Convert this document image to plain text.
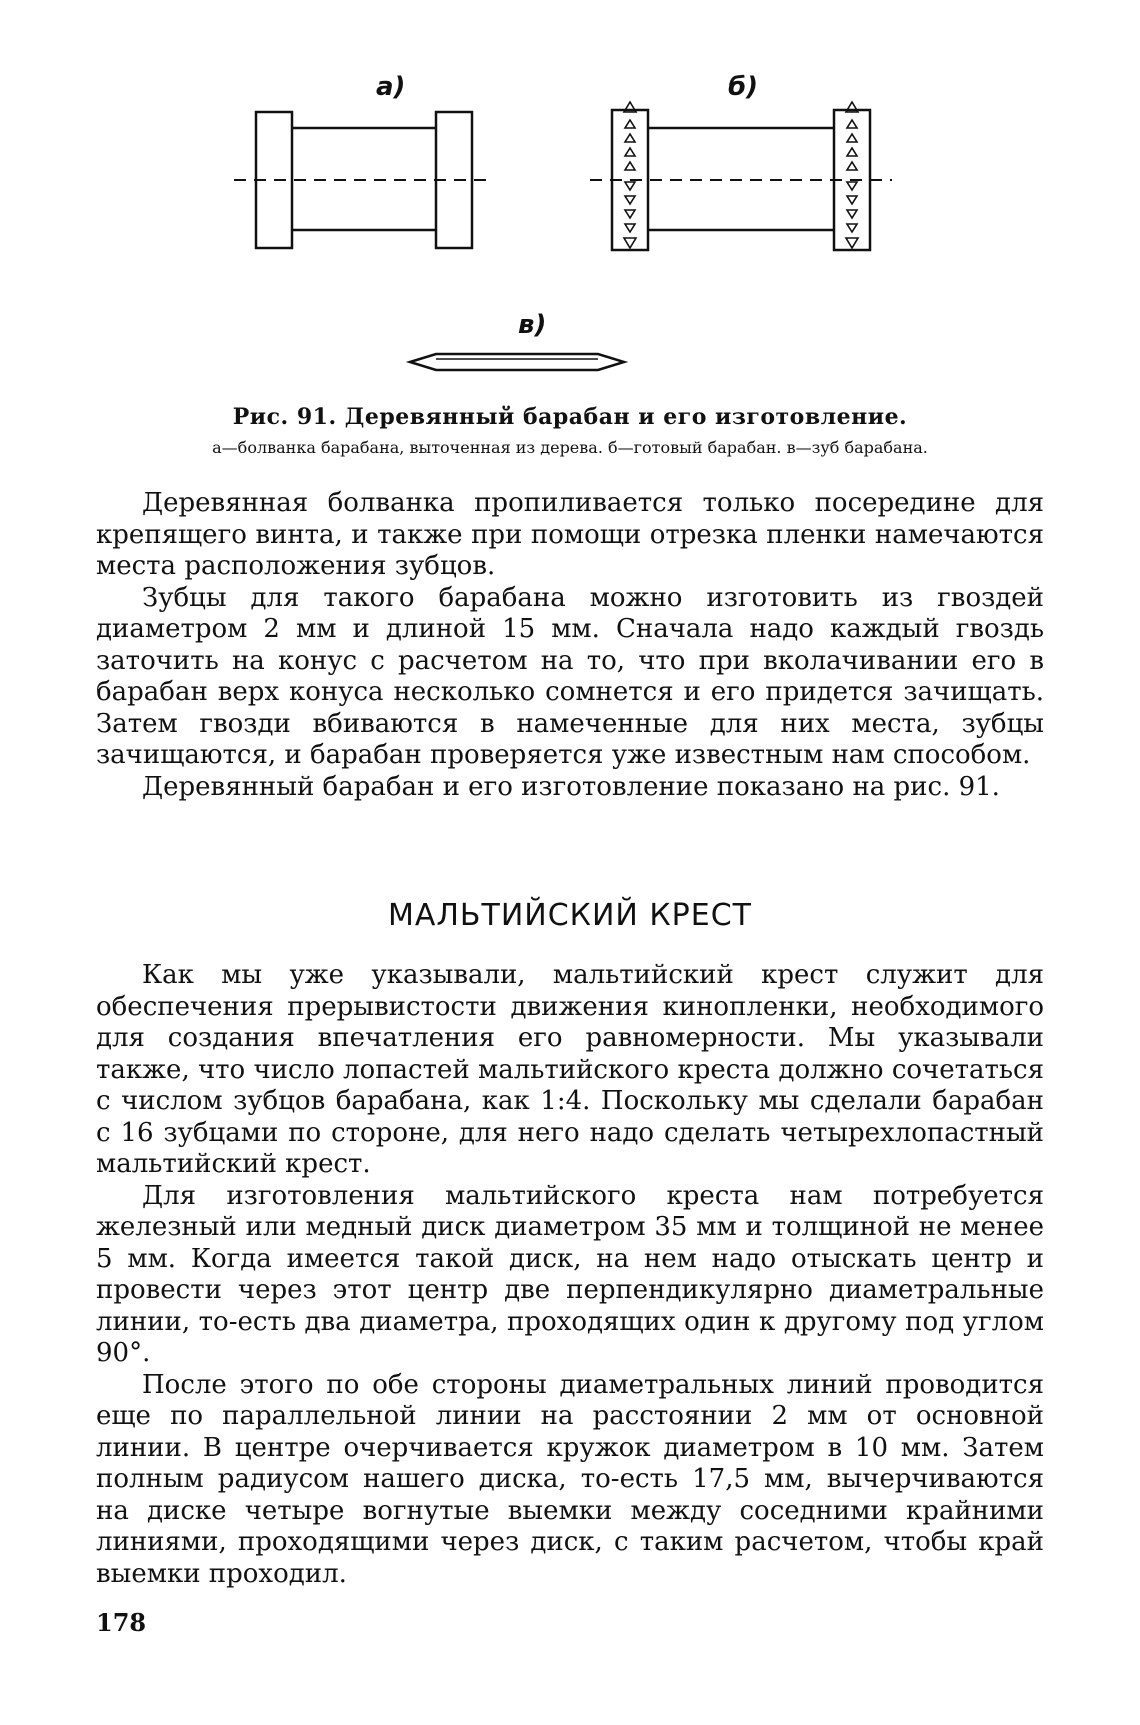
а)	б)
в)
Рис. 91. Деревянный барабан и его изготовление.
а—болванка барабана, выточенная из дерева. б—готовый барабан. в—зуб барабана.

Деревянная болванка пропиливается только посередине для крепящего винта, и также при помощи отрезка пленки намечаются места расположения зубцов.

Зубцы для такого барабана можно изготовить из гвоздей диаметром 2 мм и длиной 15 мм. Сначала надо каждый гвоздь заточить на конус с расчетом на то, что при вколачивании его в барабан верх конуса несколько сомнется и его придется зачищать. Затем гвозди вбиваются в намеченные для них места, зубцы зачищаются, и барабан проверяется уже известным нам способом.

Деревянный барабан и его изготовление показано на рис. 91.

МАЛЬТИЙСКИЙ КРЕСТ

Как мы уже указывали, мальтийский крест служит для обеспечения прерывистости движения кинопленки, необходимого для создания впечатления его равномерности. Мы указывали также, что число лопастей мальтийского креста должно сочетаться с числом зубцов барабана, как 1:4. Поскольку мы сделали барабан с 16 зубцами по стороне, для него надо сделать четырехлопастный мальтийский крест.

Для изготовления мальтийского креста нам потребуется железный или медный диск диаметром 35 мм и толщиной не менее 5 мм. Когда имеется такой диск, на нем надо отыскать центр и провести через этот центр две перпендикулярно диаметральные линии, то-есть два диаметра, проходящих один к другому под углом 90°.

После этого по обе стороны диаметральных линий проводится еще по параллельной линии на расстоянии 2 мм от основной линии. В центре очерчивается кружок диаметром в 10 мм. Затем полным радиусом нашего диска, то-есть 17,5 мм, вычерчиваются на диске четыре вогнутые выемки между соседними крайними линиями, проходящими через диск, с таким расчетом, чтобы край выемки проходил.

178
